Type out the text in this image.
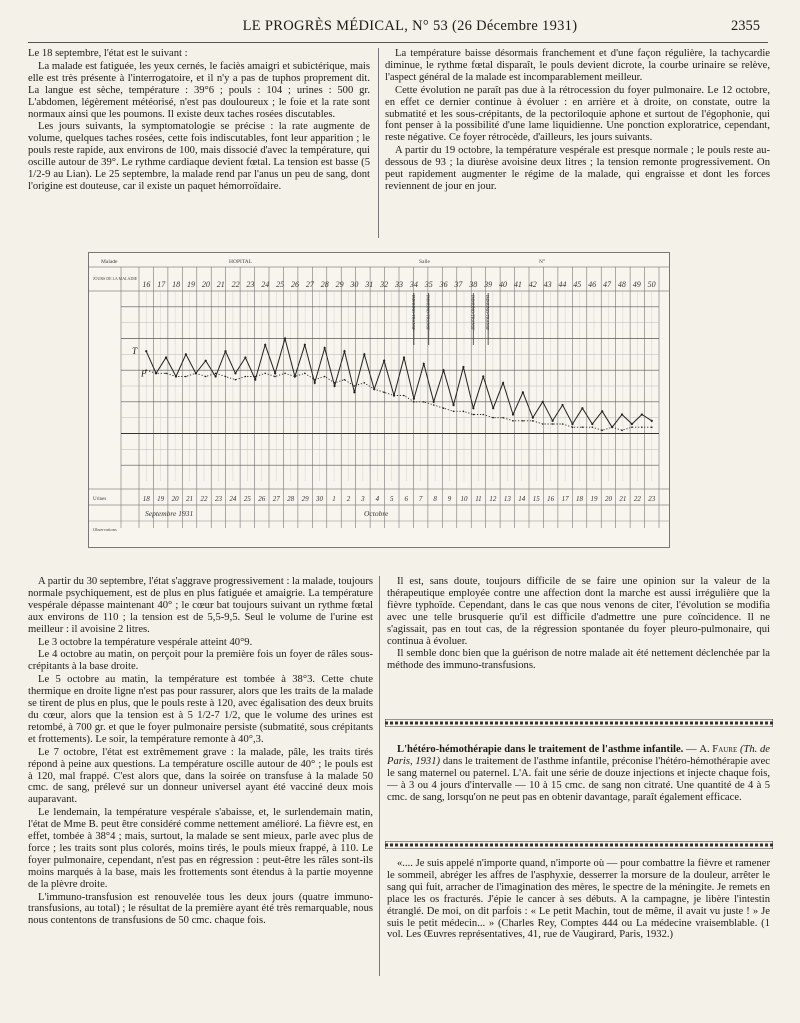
LE PROGRÈS MÉDICAL, N° 53 (26 Décembre 1931)	2355

Le 18 septembre, l'état est le suivant :

La malade est fatiguée, les yeux cernés, le faciès amaigri et subictérique, mais elle est très présente à l'interrogatoire, et il n'y a pas de tuphos proprement dit. La langue est sèche, température : 39°6 ; pouls : 104 ; urines : 500 gr. L'abdomen, légèrement météorisé, n'est pas douloureux ; le foie et la rate sont normaux ainsi que les poumons. Il existe deux taches rosées discutables.

Les jours suivants, la symptomatologie se précise : la rate augmente de volume, quelques taches rosées, cette fois indiscutables, font leur apparition ; le pouls reste rapide, aux environs de 100, mais dissocié d'avec la température, qui oscille autour de 39°. Le rythme cardiaque devient fœtal. La tension est basse (5 1/2-9 au Lian). Le 25 septembre, la malade rend par l'anus un peu de sang, dont l'origine est douteuse, car il existe un paquet hémorroïdaire.

La température baisse désormais franchement et d'une façon régulière, la tachycardie diminue, le rythme fœtal disparaît, le pouls devient dicrote, la courbe urinaire se relève, l'aspect général de la malade est incomparablement meilleur.

Cette évolution ne paraît pas due à la rétrocession du foyer pulmonaire. Le 12 octobre, en effet ce dernier continue à évoluer : en arrière et à droite, on constate, outre la submatité et les sous-crépitants, de la pectoriloquie aphone et surtout de l'égophonie, qui font penser à la possibilité d'une lame liquidienne. Une ponction exploratrice, cependant, reste négative. Ce foyer rétrocède, d'ailleurs, les jours suivants.

A partir du 19 octobre, la température vespérale est presque normale ; le pouls reste au-dessous de 93 ; la diurèse avoisine deux litres ; la tension remonte progressivement. On peut rapidement augmenter le régime de la malade, qui engraisse et dont les forces reviennent de jour en jour.

Malade	HOPITAL	Salle	N°
JOURS DE LA MALADIE
16 17 18 19 20 21 22 23 24 25 26 27 28 29 30 31 32 33 34 35 36 37 38 39 40 41 42 43 44 45 46 47 48 49 50
IMMUNO-TRANSF IMMUNO-TRANSF	IMMUNO-TRANSF IMMUNO-TRANSF
T
P
Urines	18 19 20 21 22 23 24 25 26 27 28 29 30 1 2 3 4 5 6 7 8 9 10 11 12 13 14 15 16 17 18 19 20 21 22 23
Septembre 1931	Octobre
Observations

A partir du 30 septembre, l'état s'aggrave progressivement : la malade, toujours normale psychiquement, est de plus en plus fatiguée et amaigrie. La température vespérale dépasse maintenant 40° ; le cœur bat toujours suivant un rythme fœtal aux environs de 110 ; la tension est de 5,5-9,5. Seul le volume de l'urine est meilleur : il avoisine 2 litres.

Le 3 octobre la température vespérale atteint 40°9.

Le 4 octobre au matin, on perçoit pour la première fois un foyer de râles sous-crépitants à la base droite.

Le 5 octobre au matin, la température est tombée à 38°3. Cette chute thermique en droite ligne n'est pas pour rassurer, alors que les traits de la malade se tirent de plus en plus, que le pouls reste à 120, avec égalisation des deux bruits du cœur, alors que la tension est à 5 1/2-7 1/2, que le volume des urines est retombé, à 700 gr. et que le foyer pulmonaire persiste (submatité, sous crépitants et frottements). Le soir, la température remonte à 40°,3.

Le 7 octobre, l'état est extrêmement grave : la malade, pâle, les traits tirés répond à peine aux questions. La température oscille autour de 40° ; le pouls est à 120, mal frappé. C'est alors que, dans la soirée on transfuse à la malade 50 cmc. de sang, prélevé sur un donneur universel ayant été vacciné deux mois auparavant.

Le lendemain, la température vespérale s'abaisse, et, le surlendemain matin, l'état de Mme B. peut être considéré comme nettement amélioré. La fièvre est, en effet, tombée à 38°4 ; mais, surtout, la malade se sent mieux, parle avec plus de force ; les traits sont plus colorés, moins tirés, le pouls mieux frappé, à 110. Le foyer pulmonaire, cependant, n'est pas en régression : peut-être les râles sont-ils moins marqués à la base, mais les frottements sont étendus à la partie moyenne de la plèvre droite.

L'immuno-transfusion est renouvelée tous les deux jours (quatre immuno-transfusions, au total) ; le résultat de la première ayant été très remarquable, nous nous contentons de transfusions de 50 cmc. chaque fois.

Il est, sans doute, toujours difficile de se faire une opinion sur la valeur de la thérapeutique employée contre une affection dont la marche est aussi irrégulière que la fièvre typhoïde. Cependant, dans le cas que nous venons de citer, l'évolution se modifia avec une telle brusquerie qu'il est difficile d'admettre une pure coïncidence. Il ne s'agissait, pas en tout cas, de la régression spontanée du foyer pleuro-pulmonaire, qui continua à évoluer.

Il semble donc bien que la guérison de notre malade ait été nettement déclenchée par la méthode des immuno-transfusions.

L'hétéro-hémothérapie dans le traitement de l'asthme infantile. — A. Faure (Th. de Paris, 1931) dans le traitement de l'asthme infantile, préconise l'hétéro-hémothérapie avec le sang maternel ou paternel. L'A. fait une série de douze injections et injecte chaque fois, — à 3 ou 4 jours d'intervalle — 10 à 15 cmc. de sang non citraté. Une quantité de 4 à 5 cmc. de sang, lorsqu'on ne peut pas en obtenir davantage, paraît également efficace.

«.... Je suis appelé n'importe quand, n'importe où — pour combattre la fièvre et ramener le sommeil, abréger les affres de l'asphyxie, desserrer la morsure de la douleur, arrêter le sang qui fuit, arracher de l'imagination des mères, le spectre de la méningite. Je remets en place les os fracturés. J'épie le cancer à ses débuts. A la campagne, je libère l'intestin étranglé. De moi, on dit parfois : « Le petit Machin, tout de même, il avait vu juste ! » Je suis le petit médecin... » (Charles Rey, Comptes 444 ou La médecine vraisemblable. (1 vol. Les Œuvres représentatives, 41, rue de Vaugirard, Paris, 1932.)
